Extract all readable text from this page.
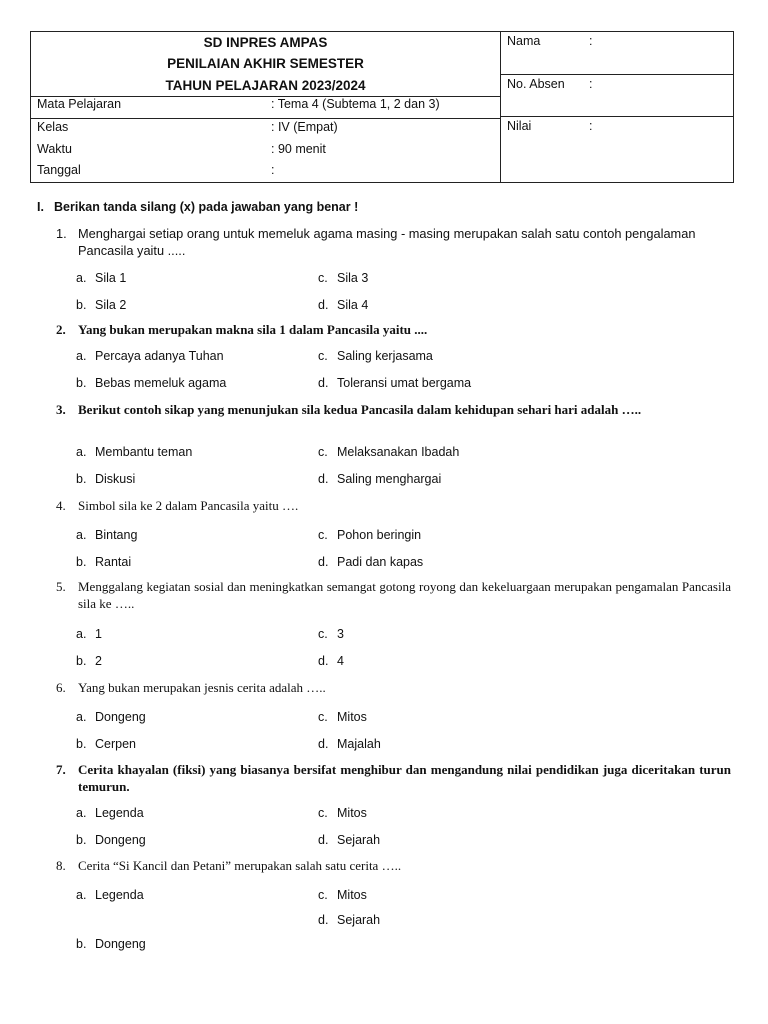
SD INPRES AMPAS
PENILAIAN AKHIR SEMESTER
TAHUN PELAJARAN 2023/2024
Mata Pelajaran	: Tema 4 (Subtema 1, 2 dan 3)
Kelas	: IV (Empat)
Waktu	: 90 menit
Tanggal	:
Nama	:
No. Absen :
Nilai	:
I. Berikan tanda silang (x) pada jawaban yang benar !
1. Menghargai setiap orang untuk memeluk agama masing - masing merupakan salah satu contoh pengalaman Pancasila yaitu .....
a. Sila 1	c. Sila 3
b. Sila 2	d. Sila 4
2. Yang bukan merupakan makna sila 1 dalam Pancasila yaitu ....
a. Percaya adanya Tuhan	c. Saling kerjasama
b. Bebas memeluk agama	d. Toleransi umat bergama
3. Berikut contoh sikap yang menunjukan sila kedua Pancasila dalam kehidupan sehari hari adalah …..
a. Membantu teman	c. Melaksanakan Ibadah
b. Diskusi	d. Saling menghargai
4. Simbol sila ke 2 dalam Pancasila yaitu ….
a. Bintang	c. Pohon beringin
b. Rantai	d. Padi dan kapas
5. Menggalang kegiatan sosial dan meningkatkan semangat gotong royong dan kekeluargaan merupakan pengamalan Pancasila sila ke …..
a. 1	c. 3
b. 2	d. 4
6. Yang bukan merupakan jesnis cerita adalah …..
a. Dongeng	c. Mitos
b. Cerpen	d. Majalah
7. Cerita khayalan (fiksi) yang biasanya bersifat menghibur dan mengandung nilai pendidikan juga diceritakan turun temurun.
a. Legenda	c. Mitos
b. Dongeng	d. Sejarah
8. Cerita “Si Kancil dan Petani” merupakan salah satu cerita …..
a. Legenda	c. Mitos
d. Sejarah
b. Dongeng
